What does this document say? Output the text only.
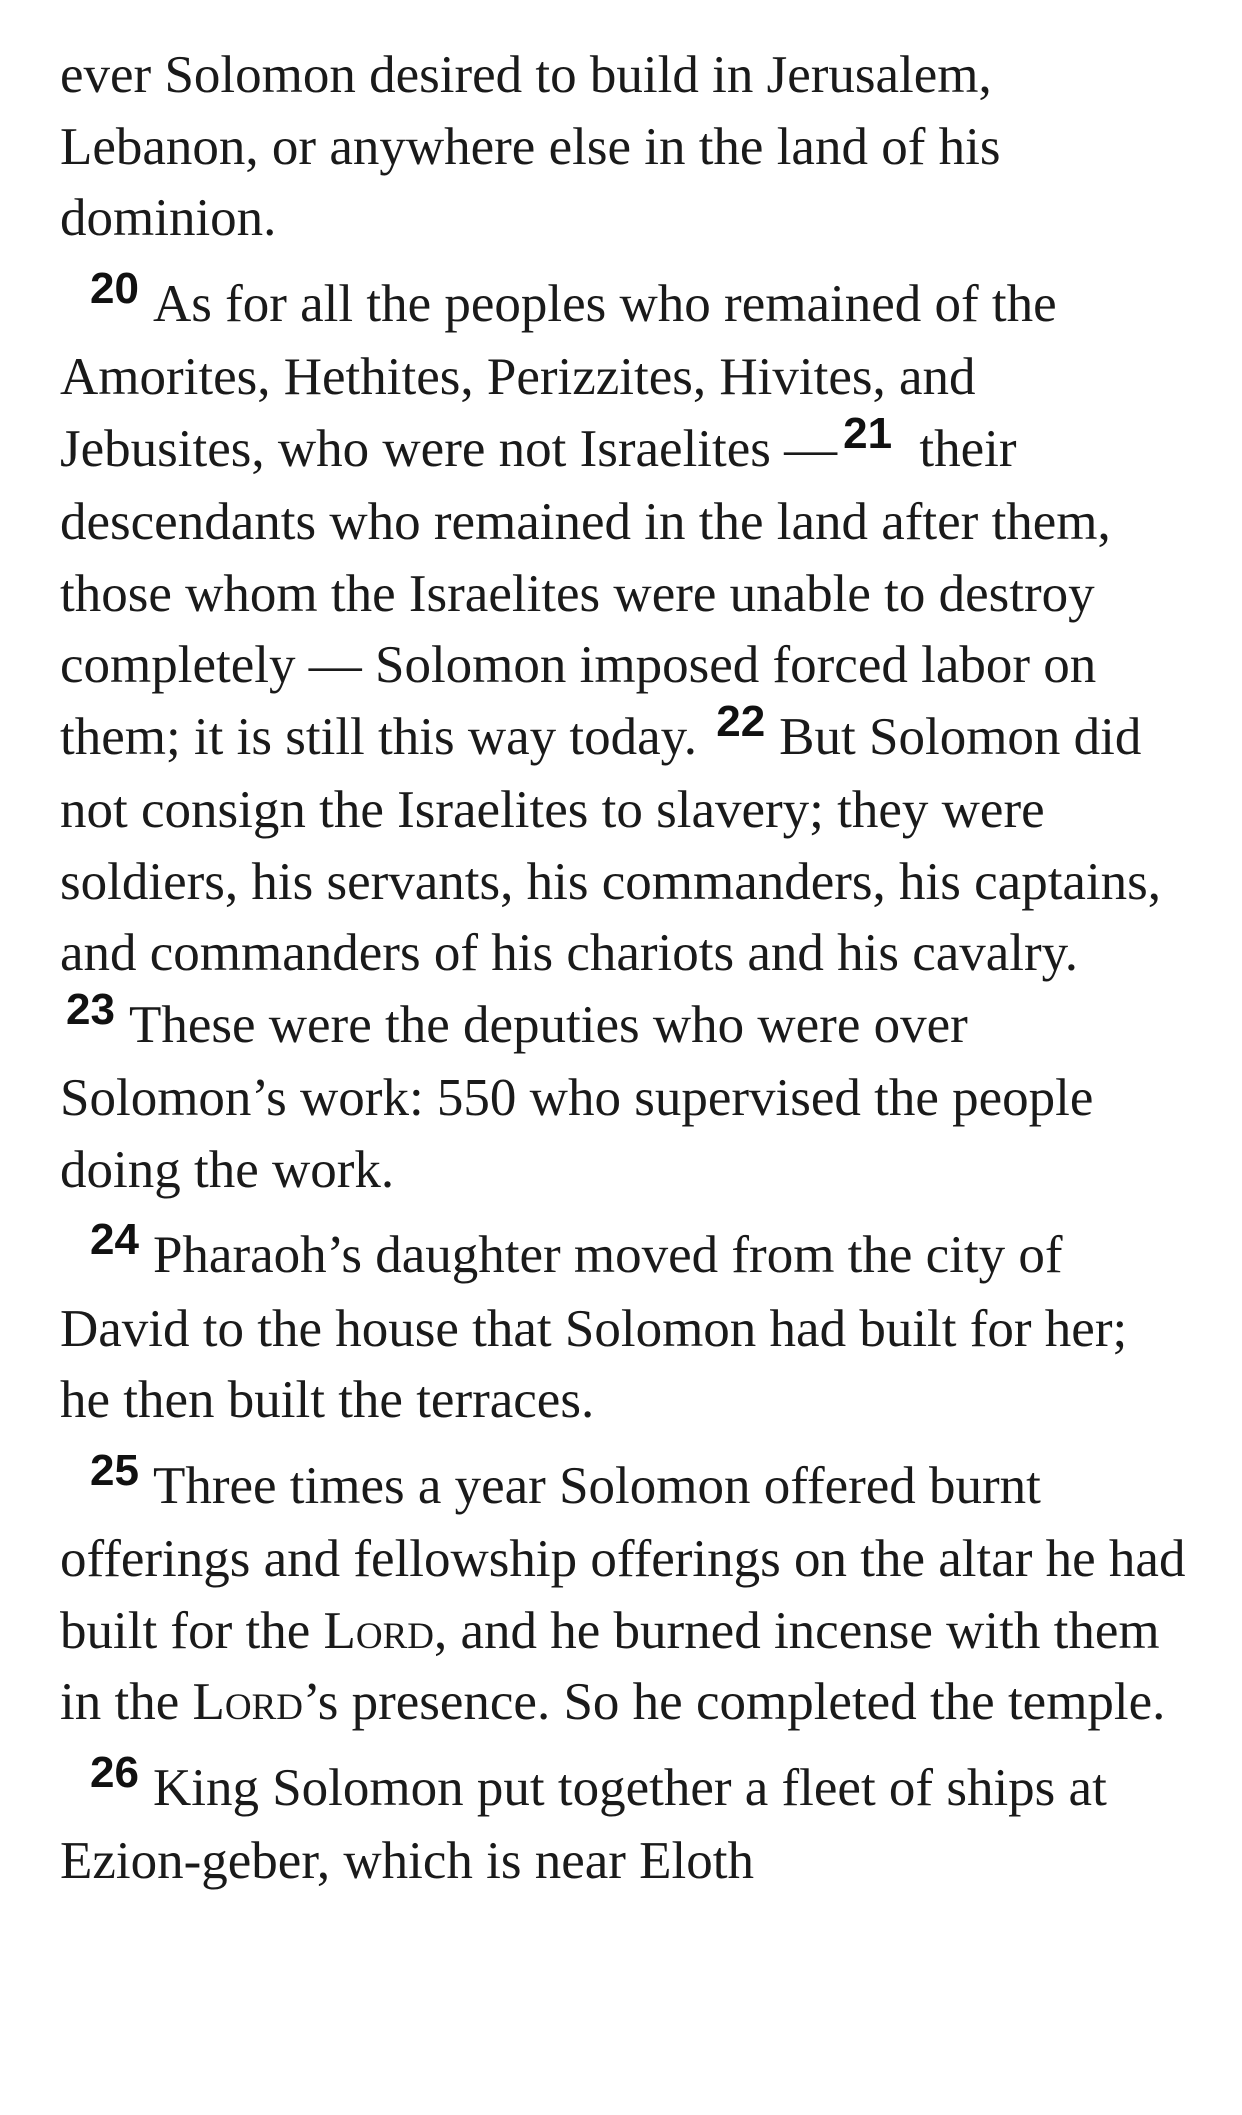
ever Solomon desired to build in Jerusalem, Lebanon, or anywhere else in the land of his dominion.

$^{20}$ As for all the peoples who remained of the Amorites, Hethites, Perizzites, Hivites, and Jebusites, who were not Israelites — $^{21}$ their descendants who remained in the land after them, those whom the Israelites were unable to destroy completely — Solomon imposed forced labor on them; it is still this way today. $^{22}$ But Solomon did not consign the Israelites to slavery; they were soldiers, his servants, his commanders, his captains, and commanders of his chariots and his cavalry. $^{23}$ These were the deputies who were over Solomon’s work: 550 who supervised the people doing the work.

$^{24}$ Pharaoh’s daughter moved from the city of David to the house that Solomon had built for her; he then built the terraces.

$^{25}$ Three times a year Solomon offered burnt offerings and fellowship offerings on the altar he had built for the Lord, and he burned incense with them in the Lord’s presence. So he completed the temple.

$^{26}$ King Solomon put together a fleet of ships at Ezion-geber, which is near Eloth
